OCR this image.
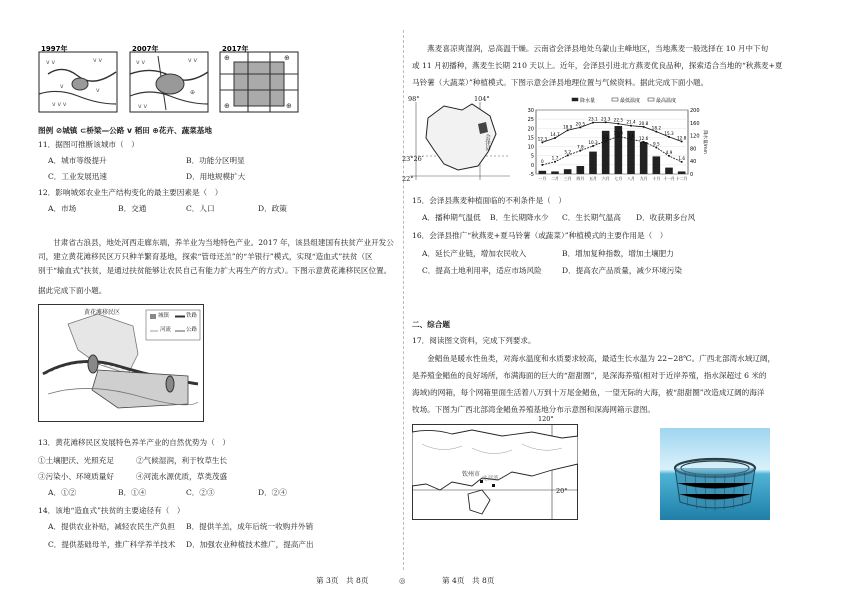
ⅴ ⅴ	ⅴ ⅴ
ⅴ ⅴ ⅴ
ⅴ
ⅴ
1997年
ⅴ ⅴ	ⅴ ⅴ
ⅴ ⅴ
⊕
2007年
⊕	⊕
⊕	⊕
2017年
图例 ⊘城镇 ⊂桥梁—公路 ⅴ 稻田 ⊕花卉、蔬菜基地
11．据图可推断该城市（　）
A．城市等级提升	B．功能分区明显
C．工业发展迅速	D．用地规模扩大
12．影响城郊农业生产结构变化的最主要因素是（　）
A．市场	B．交通	C．人口	D．政策
　　甘肃省古浪县，地处河西走廊东端，养羊业为当地特色产业。2017 年，该县组建国有扶贫产业开发公
司，建立黄花滩移民区万只种羊繁育基地，探索“管母还羔”的“羊银行”模式，实现“造血式”扶贫（区
别于“输血式”扶贫，是通过扶贫能够让农民自己有能力扩大再生产的方式）。下图示意黄花滩移民区位置。
据此完成下面小题。
黄花滩移民区	城镇	铁路
河流	公路
13．黄花滩移民区发展特色养羊产业的自然优势为（　）
①土壤肥沃、光照充足	②气候湿润，利于牧草生长
③污染小、环境质量好	④河流水源优质，草类茂盛
A．①②	B．①④	C．②③	D．②④
14．该地“造血式”扶贫的主要途径有（　）
A．提供农业补贴，减轻农民生产负担 B．提供羊羔，成年后统一收购并外销
C．提供基础母羊，推广科学养羊技术 D．加强农业种植技术推广，提高产出
　　燕麦喜凉爽湿润，忌高温干燥。云南省会泽县地处乌蒙山主峰地区，当地燕麦一般选择在 10 月中下旬
或 11 月初播种，燕麦生长期 210 天以上。近年，会泽县引进北方燕麦优良品种，探索适合当地的“秋燕麦+夏
马铃薯（大蔬菜）”种植模式。下图示意会泽县地理位置与气候资料。据此完成下面小题。
98°	104°
23°26′
22°
会泽县
30
25
20
15
10
5
0
-5
200
160
120
80
40
0
一月 二月 三月 四月 五月 六月 七月 八月 九月 十月 十一月 十二月
12.3
14.7
18.9
20.5
23.1 23.3 22.5 21.4 20.8
18.2
15.3
12.8
0
1.7
5.2
7.8
10.3
13
15.6
14
12.6
9.5
4.9
1.6
降水量	最低温度	最高温度
降水量/mm
15．会泽县燕麦种植面临的不利条件是（　）
A．播种期气温低 B．生长期降水少 C．生长期气温高 D．收获期多台风
16．会泽县推广“秋燕麦+夏马铃薯（或蔬菜）”种植模式的主要作用是（　）
A．延长产业链，增加农民收入	B．增加复种指数，增加土壤肥力
C．提高土地利用率，适应市场风险	D．提高农产品质量，减少环境污染
二、综合题
17．阅读图文资料，完成下列要求。
　　金鲳鱼是暖水性鱼类，对海水温度和水质要求较高，最适生长水温为 22~28℃。广西北部湾水域辽阔，
是养殖金鲳鱼的良好场所，布满海面的巨大的“甜甜圈”，是深海养殖(相对于近岸养殖，指水深超过 6 米的
海域)的网箱，每个网箱里面生活着八万到十万尾金鲳鱼，一望无际的大海，被“甜甜圈”改造成辽阔的海洋
牧场。下图为广西北部湾金鲳鱼养殖基地分布示意图和深海网箱示意图。
120°
20°
钦州市
北部湾
第 3页　共 8页	◎	第 4页　共 8页
